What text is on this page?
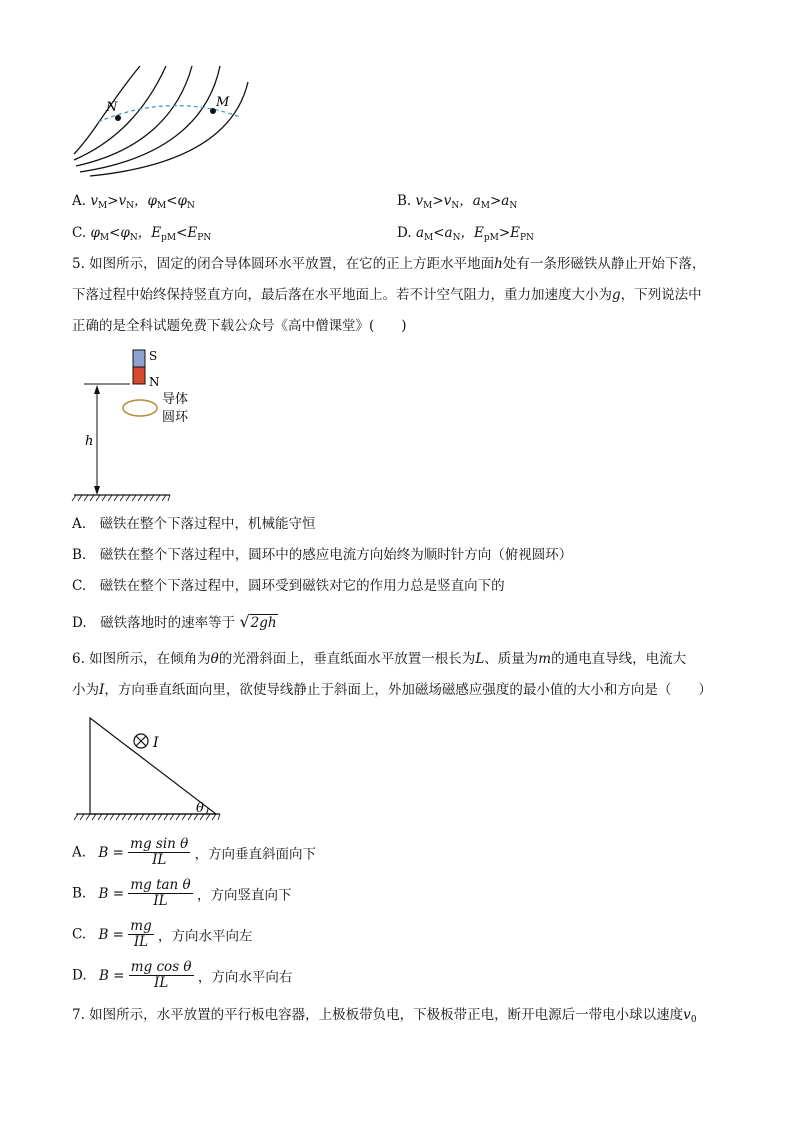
N	M
A. $v_M>v_N$，$\varphi_M<\varphi_N$	B. $v_M>v_N$，$a_M>a_N$
C. $\varphi_M<\varphi_N$，$E_{pM}<E_{PN}$	D. $a_M<a_N$，$E_{pM}>E_{PN}$
5. 如图所示，固定的闭合导体圆环水平放置，在它的正上方距水平地面h处有一条形磁铁从静止开始下落，
下落过程中始终保持竖直方向，最后落在水平地面上。若不计空气阻力，重力加速度大小为g，下列说法中
正确的是全科试题免费下载公众号《高中僧课堂》(　　)
S
N
导体
圆环
h
A.　磁铁在整个下落过程中，机械能守恒
B.　磁铁在整个下落过程中，圆环中的感应电流方向始终为顺时针方向（俯视圆环）
C.　磁铁在整个下落过程中，圆环受到磁铁对它的作用力总是竖直向下的
D.　磁铁落地时的速率等于 √2gh
6. 如图所示，在倾角为θ的光滑斜面上，垂直纸面水平放置一根长为L、质量为m的通电直导线，电流大
小为I，方向垂直纸面向里，欲使导线静止于斜面上，外加磁场磁感应强度的最小值的大小和方向是（　　）
I
θ
A. $B = \frac{\text{mg sin θ}}{IL}$ ，方向垂直斜面向下
B. $B = \frac{\text{mg tan θ}}{IL}$ ，方向竖直向下
C. $B = \frac{mg}{IL}$ ，方向水平向左
D. $B = \frac{\text{mg cos θ}}{IL}$ ，方向水平向右
7. 如图所示，水平放置的平行板电容器，上极板带负电，下极板带正电，断开电源后一带电小球以速度$v_0$
